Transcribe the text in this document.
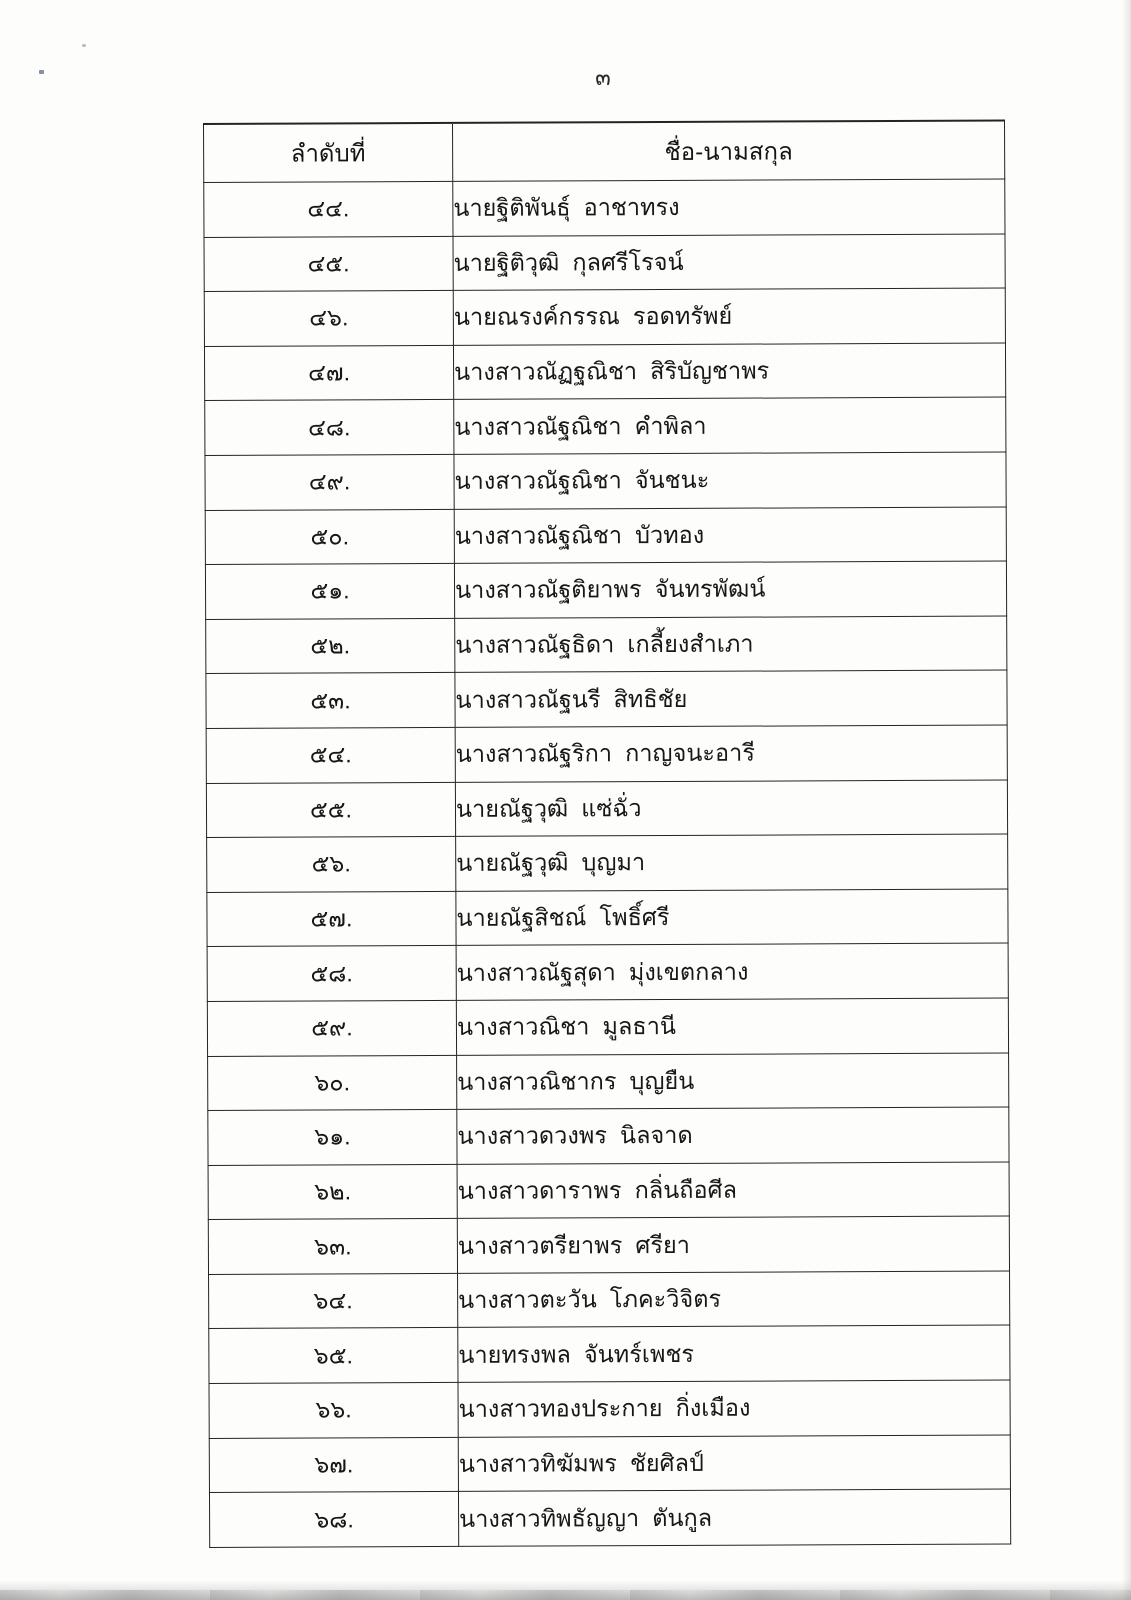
๓
ลำดับที่	ชื่อ-นามสกุล
๔๔.	นายฐิติพันธุ์  อาชาทรง
๔๕.	นายฐิติวุฒิ  กุลศรีโรจน์
๔๖.	นายณรงค์กรรณ  รอดทรัพย์
๔๗.	นางสาวณัฏฐณิชา  สิริบัญชาพร
๔๘.	นางสาวณัฐณิชา  คำพิลา
๔๙.	นางสาวณัฐณิชา  จันชนะ
๕๐.	นางสาวณัฐณิชา  บัวทอง
๕๑.	นางสาวณัฐติยาพร  จันทรพัฒน์
๕๒.	นางสาวณัฐธิดา  เกลี้ยงสำเภา
๕๓.	นางสาวณัฐนรี  สิทธิชัย
๕๔.	นางสาวณัฐริกา  กาญจนะอารี
๕๕.	นายณัฐวุฒิ  แซ่ฉั่ว
๕๖.	นายณัฐวุฒิ  บุญมา
๕๗.	นายณัฐสิชณ์  โพธิ์ศรี
๕๘.	นางสาวณัฐสุดา  มุ่งเขตกลาง
๕๙.	นางสาวณิชา  มูลธานี
๖๐.	นางสาวณิชากร  บุญยืน
๖๑.	นางสาวดวงพร  นิลจาด
๖๒.	นางสาวดาราพร  กลิ่นถือศีล
๖๓.	นางสาวตรียาพร  ศรียา
๖๔.	นางสาวตะวัน  โภคะวิจิตร
๖๕.	นายทรงพล  จันทร์เพชร
๖๖.	นางสาวทองประกาย  กิ่งเมือง
๖๗.	นางสาวทิฆัมพร  ชัยศิลป์
๖๘.	นางสาวทิพธัญญา  ตันกูล
